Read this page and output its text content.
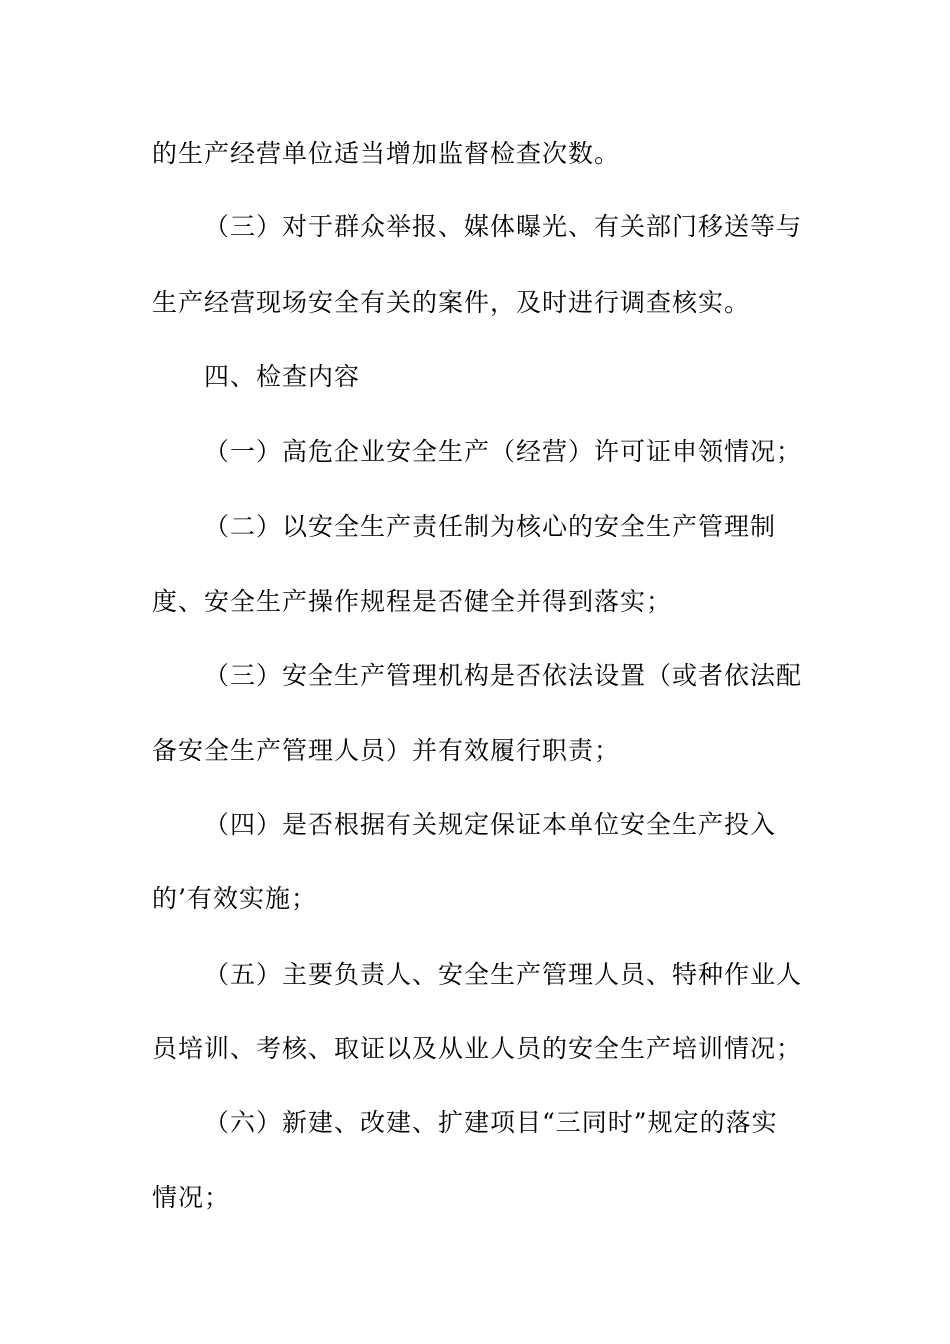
的生产经营单位适当增加监督检查次数。
（三）对于群众举报、媒体曝光、有关部门移送等与
生产经营现场安全有关的案件，及时进行调查核实。
四、检查内容
（一）高危企业安全生产（经营）许可证申领情况；
（二）以安全生产责任制为核心的安全生产管理制
度、安全生产操作规程是否健全并得到落实；
（三）安全生产管理机构是否依法设置（或者依法配
备安全生产管理人员）并有效履行职责；
（四）是否根据有关规定保证本单位安全生产投入
的’有效实施；
（五）主要负责人、安全生产管理人员、特种作业人
员培训、考核、取证以及从业人员的安全生产培训情况；
（六）新建、改建、扩建项目“三同时”规定的落实
情况；
